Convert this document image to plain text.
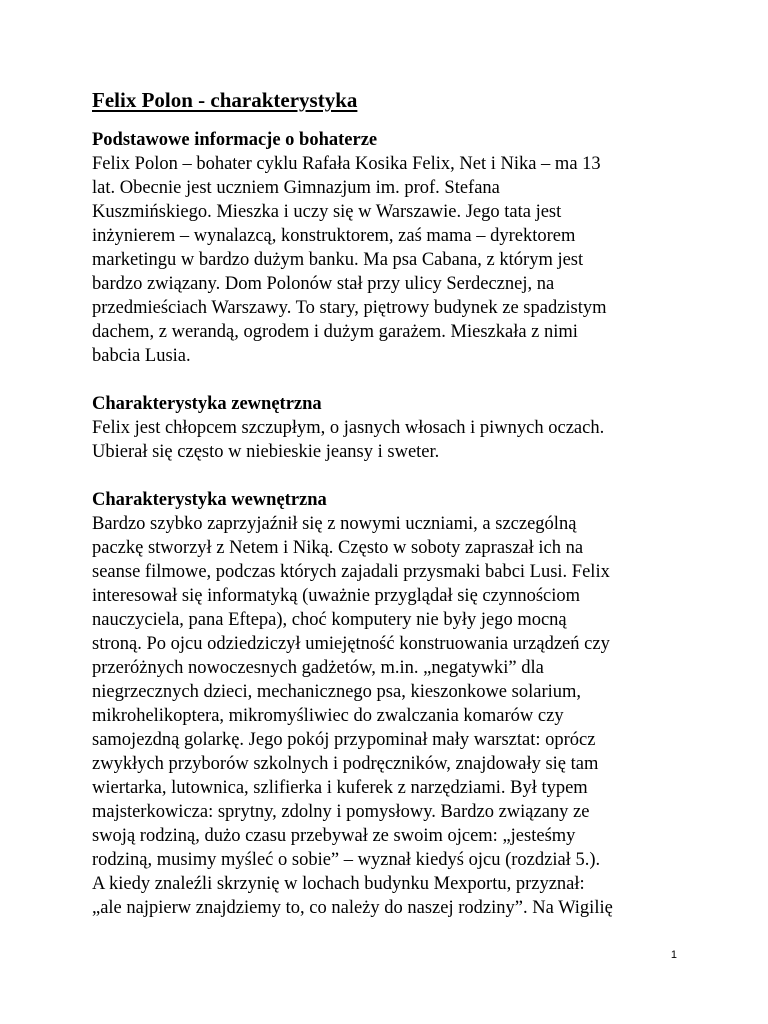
Felix Polon - charakterystyka
Podstawowe informacje o bohaterze

Felix Polon – bohater cyklu Rafała Kosika Felix, Net i Nika – ma 13
lat. Obecnie jest uczniem Gimnazjum im. prof. Stefana
Kuszmińskiego. Mieszka i uczy się w Warszawie. Jego tata jest
inżynierem – wynalazcą, konstruktorem, zaś mama – dyrektorem
marketingu w bardzo dużym banku. Ma psa Cabana, z którym jest
bardzo związany. Dom Polonów stał przy ulicy Serdecznej, na
przedmieściach Warszawy. To stary, piętrowy budynek ze spadzistym
dachem, z werandą, ogrodem i dużym garażem. Mieszkała z nimi
babcia Lusia.

Charakterystyka zewnętrzna

Felix jest chłopcem szczupłym, o jasnych włosach i piwnych oczach.
Ubierał się często w niebieskie jeansy i sweter.

Charakterystyka wewnętrzna

Bardzo szybko zaprzyjaźnił się z nowymi uczniami, a szczególną
paczkę stworzył z Netem i Niką. Często w soboty zapraszał ich na
seanse filmowe, podczas których zajadali przysmaki babci Lusi. Felix
interesował się informatyką (uważnie przyglądał się czynnościom
nauczyciela, pana Eftepa), choć komputery nie były jego mocną
stroną. Po ojcu odziedziczył umiejętność konstruowania urządzeń czy
przeróżnych nowoczesnych gadżetów, m.in. „negatywki” dla
niegrzecznych dzieci, mechanicznego psa, kieszonkowe solarium,
mikrohelikoptera, mikromyśliwiec do zwalczania komarów czy
samojezdną golarkę. Jego pokój przypominał mały warsztat: oprócz
zwykłych przyborów szkolnych i podręczników, znajdowały się tam
wiertarka, lutownica, szlifierka i kuferek z narzędziami. Był typem
majsterkowicza: sprytny, zdolny i pomysłowy. Bardzo związany ze
swoją rodziną, dużo czasu przebywał ze swoim ojcem: „jesteśmy
rodziną, musimy myśleć o sobie” – wyznał kiedyś ojcu (rozdział 5.).
A kiedy znaleźli skrzynię w lochach budynku Mexportu, przyznał:
„ale najpierw znajdziemy to, co należy do naszej rodziny”. Na Wigilię

1
